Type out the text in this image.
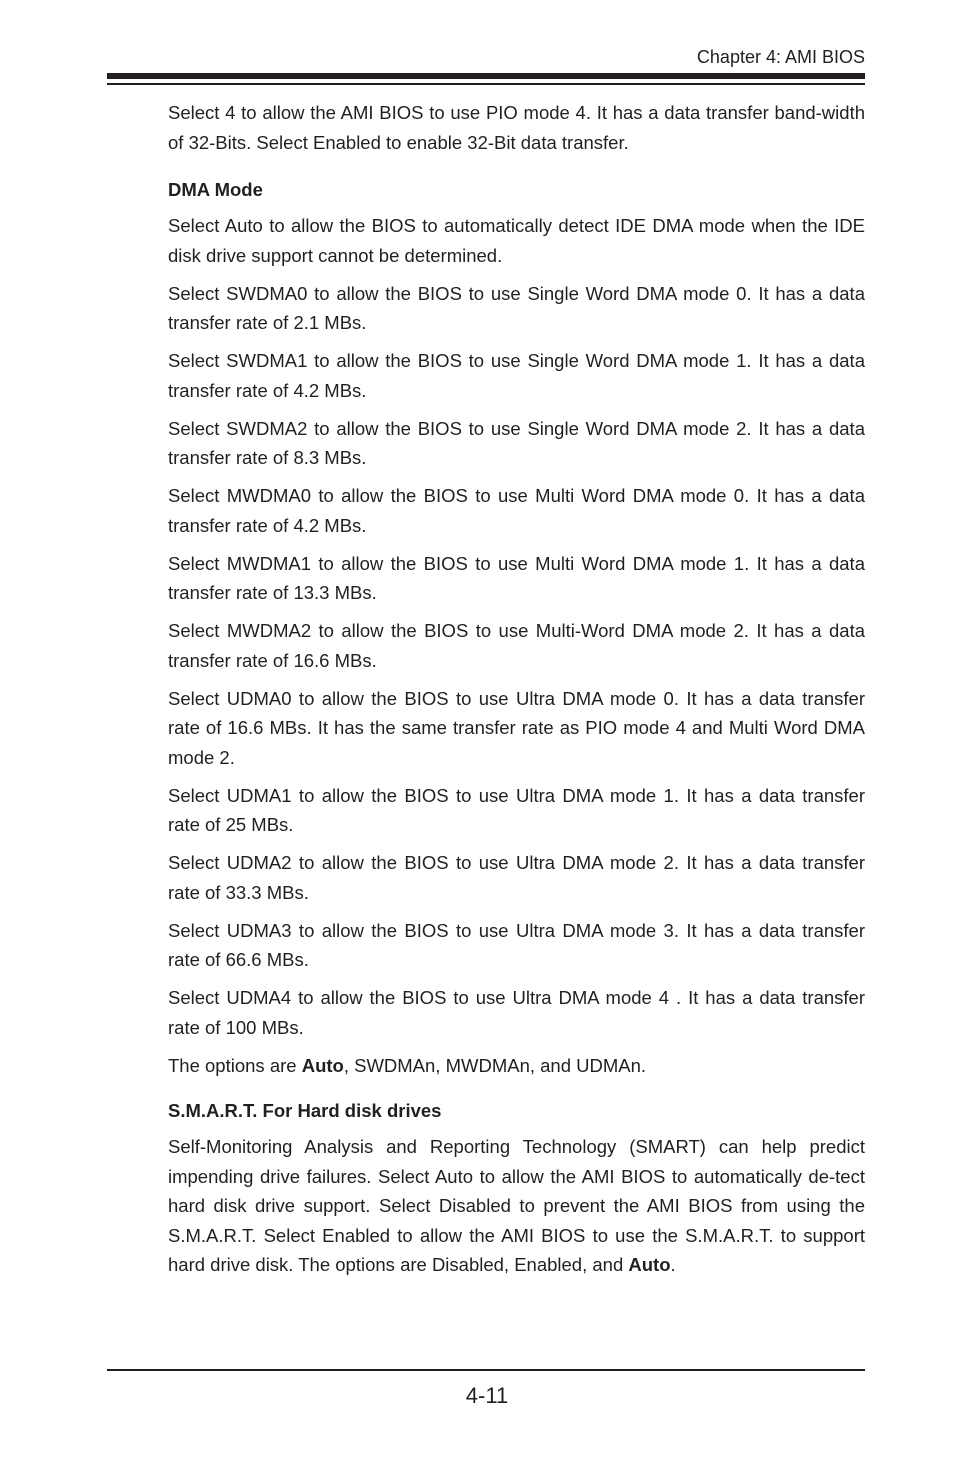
Chapter 4: AMI BIOS

Select 4 to allow the AMI BIOS to use PIO mode 4. It has a data transfer band-width of 32-Bits. Select Enabled to enable 32-Bit data transfer.

DMA Mode

Select Auto to allow the BIOS to automatically detect IDE DMA mode when the IDE disk drive support cannot be determined.

Select SWDMA0 to allow the BIOS to use Single Word DMA mode 0. It has a data transfer rate of 2.1 MBs.

Select SWDMA1 to allow the BIOS to use Single Word DMA mode 1. It has a data transfer rate of 4.2 MBs.

Select SWDMA2 to allow the BIOS to use Single Word DMA mode 2. It has a data transfer rate of 8.3 MBs.

Select MWDMA0 to allow the BIOS to use Multi Word DMA mode 0. It has a data transfer rate of 4.2 MBs.

Select MWDMA1 to allow the BIOS to use Multi Word DMA mode 1. It has a data transfer rate of 13.3 MBs.

Select MWDMA2 to allow the BIOS to use Multi-Word DMA mode 2. It has a data transfer rate of 16.6 MBs.

Select UDMA0 to allow the BIOS to use Ultra DMA mode 0. It has a data transfer rate of 16.6 MBs. It has the same transfer rate as PIO mode 4 and Multi Word DMA mode 2.

Select UDMA1 to allow the BIOS to use Ultra DMA mode 1. It has a data transfer rate of 25 MBs.

Select UDMA2 to allow the BIOS to use Ultra DMA mode 2. It has a data transfer rate of 33.3 MBs.

Select UDMA3 to allow the BIOS to use Ultra DMA mode 3. It has a data transfer rate of 66.6 MBs.

Select UDMA4 to allow the BIOS to use Ultra DMA mode 4 . It has a data transfer rate of 100 MBs.

The options are Auto, SWDMAn, MWDMAn, and UDMAn.

S.M.A.R.T. For Hard disk drives

Self-Monitoring Analysis and Reporting Technology (SMART) can help predict impending drive failures. Select Auto to allow the AMI BIOS to automatically de-tect hard disk drive support. Select Disabled to prevent the AMI BIOS from using the S.M.A.R.T. Select Enabled to allow the AMI BIOS to use the S.M.A.R.T. to support hard drive disk. The options are Disabled, Enabled, and Auto.

4-11
